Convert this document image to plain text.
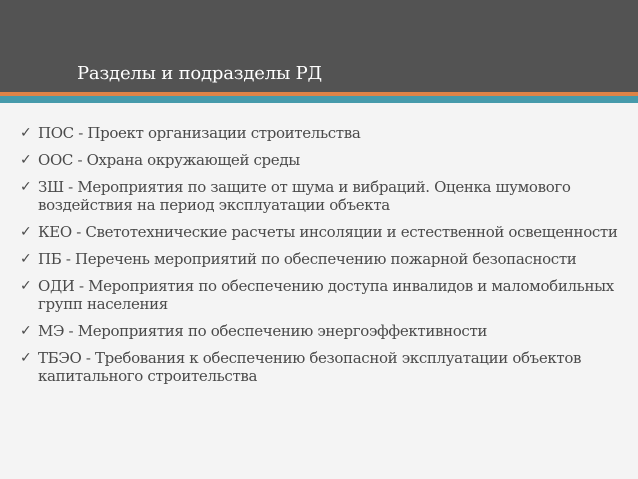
Разделы и подразделы РД
✓ ПОС - Проект организации строительства
✓ ООС - Охрана окружающей среды
✓ ЗШ - Мероприятия по защите от шума и вибраций. Оценка шумового воздействия на период эксплуатации объекта
✓ КЕО - Светотехнические расчеты инсоляции и естественной освещенности
✓ ПБ - Перечень мероприятий по обеспечению пожарной безопасности
✓ ОДИ - Мероприятия по обеспечению доступа инвалидов и маломобильных групп населения
✓ МЭ - Мероприятия по обеспечению энергоэффективности
✓ ТБЭО - Требования к обеспечению безопасной эксплуатации объектов капитального строительства
